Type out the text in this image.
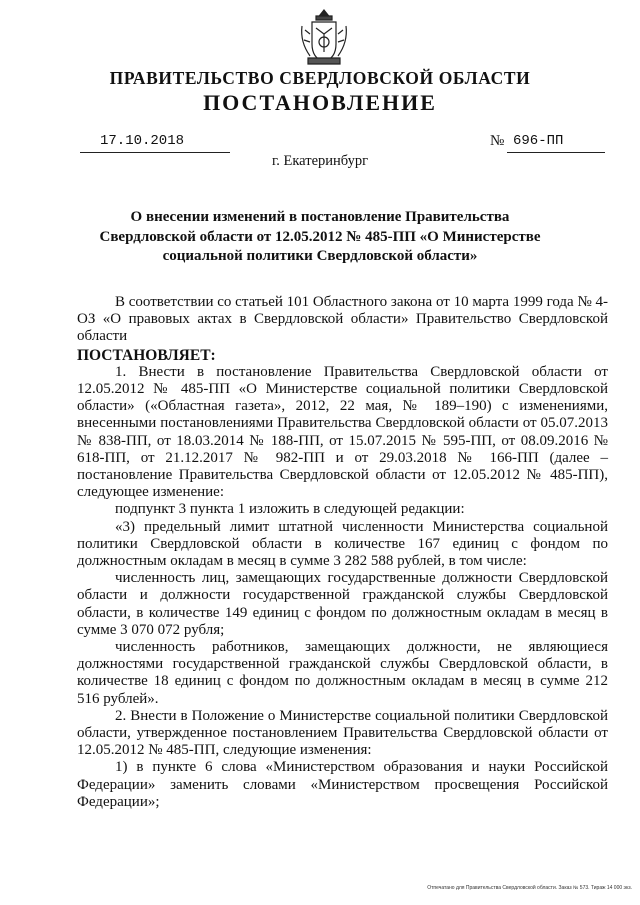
ПРАВИТЕЛЬСТВО СВЕРДЛОВСКОЙ ОБЛАСТИ
ПОСТАНОВЛЕНИЕ
17.10.2018	№ 696-ПП
г. Екатеринбург
О внесении изменений в постановление Правительства
Свердловской области от 12.05.2012 № 485-ПП «О Министерстве
социальной политики Свердловской области»

В соответствии со статьей 101 Областного закона от 10 марта 1999 года № 4-ОЗ «О правовых актах в Свердловской области» Правительство Свердловской области

ПОСТАНОВЛЯЕТ:

1. Внести в постановление Правительства Свердловской области от 12.05.2012 № 485-ПП «О Министерстве социальной политики Свердловской области» («Областная газета», 2012, 22 мая, № 189–190) с изменениями, внесенными постановлениями Правительства Свердловской области от 05.07.2013 № 838-ПП, от 18.03.2014 № 188-ПП, от 15.07.2015 № 595-ПП, от 08.09.2016 № 618-ПП, от 21.12.2017 № 982-ПП и от 29.03.2018 № 166-ПП (далее – постановление Правительства Свердловской области от 12.05.2012 № 485-ПП), следующее изменение:

подпункт 3 пункта 1 изложить в следующей редакции:

«3) предельный лимит штатной численности Министерства социальной политики Свердловской области в количестве 167 единиц с фондом по должностным окладам в месяц в сумме 3 282 588 рублей, в том числе:

численность лиц, замещающих государственные должности Свердловской области и должности государственной гражданской службы Свердловской области, в количестве 149 единиц с фондом по должностным окладам в месяц в сумме 3 070 072 рубля;

численность работников, замещающих должности, не являющиеся должностями государственной гражданской службы Свердловской области, в количестве 18 единиц с фондом по должностным окладам в месяц в сумме 212 516 рублей».

2. Внести в Положение о Министерстве социальной политики Свердловской области, утвержденное постановлением Правительства Свердловской области от 12.05.2012 № 485-ПП, следующие изменения:

1) в пункте 6 слова «Министерством образования и науки Российской Федерации» заменить словами «Министерством просвещения Российской Федерации»;

Отпечатано для Правительства Свердловской области. Заказ № 573. Тираж 14 000 экз.
